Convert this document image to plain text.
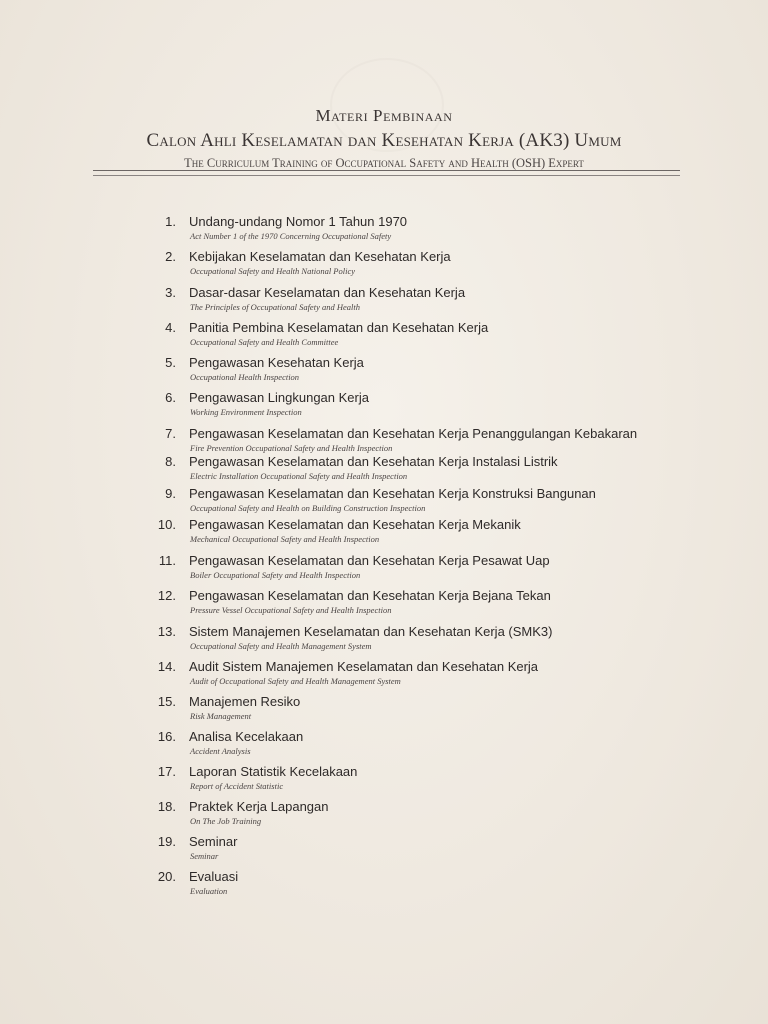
Materi Pembinaan
Calon Ahli Keselamatan dan Kesehatan Kerja (AK3) Umum
The Curriculum Training of Occupational Safety and Health (OSH) Expert
1. Undang-undang Nomor 1 Tahun 1970
Act Number 1 of the 1970 Concerning Occupational Safety
2. Kebijakan Keselamatan dan Kesehatan Kerja
Occupational Safety and Health National Policy
3. Dasar-dasar Keselamatan dan Kesehatan Kerja
The Principles of Occupational Safety and Health
4. Panitia Pembina Keselamatan dan Kesehatan Kerja
Occupational Safety and Health Committee
5. Pengawasan Kesehatan Kerja
Occupational Health Inspection
6. Pengawasan Lingkungan Kerja
Working Environment Inspection
7. Pengawasan Keselamatan dan Kesehatan Kerja Penanggulangan Kebakaran
Fire Prevention Occupational Safety and Health Inspection
8. Pengawasan Keselamatan dan Kesehatan Kerja Instalasi Listrik
Electric Installation Occupational Safety and Health Inspection
9. Pengawasan Keselamatan dan Kesehatan Kerja Konstruksi Bangunan
Occupational Safety and Health on Building Construction Inspection
10. Pengawasan Keselamatan dan Kesehatan Kerja Mekanik
Mechanical Occupational Safety and Health Inspection
11. Pengawasan Keselamatan dan Kesehatan Kerja Pesawat Uap
Boiler Occupational Safety and Health Inspection
12. Pengawasan Keselamatan dan Kesehatan Kerja Bejana Tekan
Pressure Vessel Occupational Safety and Health Inspection
13. Sistem Manajemen Keselamatan dan Kesehatan Kerja (SMK3)
Occupational Safety and Health Management System
14. Audit Sistem Manajemen Keselamatan dan Kesehatan Kerja
Audit of Occupational Safety and Health Management System
15. Manajemen Resiko
Risk Management
16. Analisa Kecelakaan
Accident Analysis
17. Laporan Statistik Kecelakaan
Report of Accident Statistic
18. Praktek Kerja Lapangan
On The Job Training
19. Seminar
Seminar
20. Evaluasi
Evaluation
